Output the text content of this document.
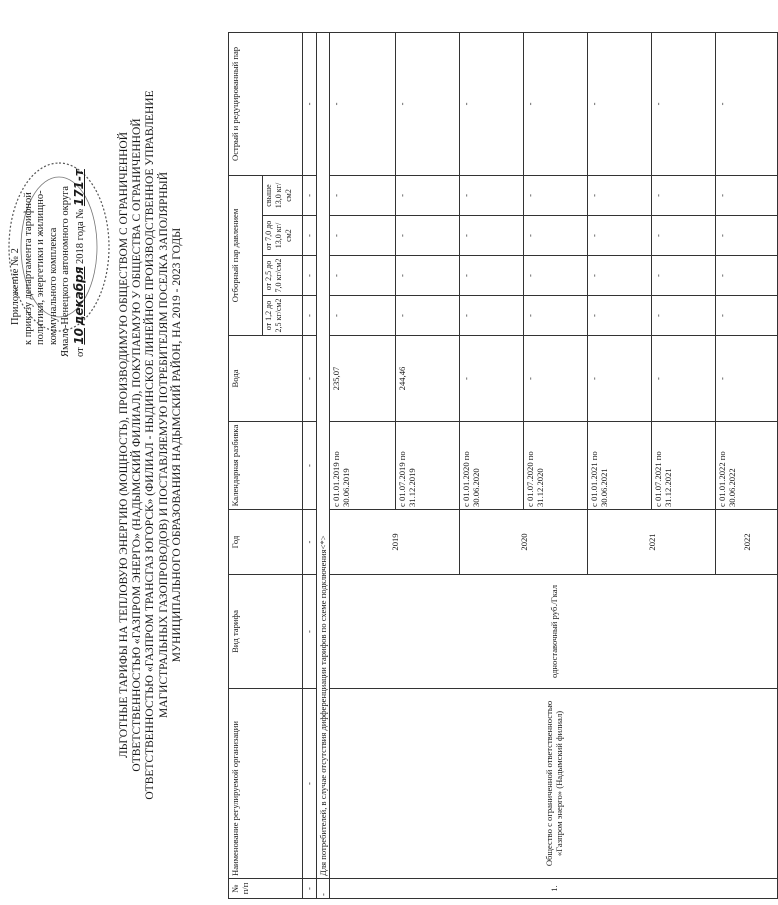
Приложение № 2 к приказу департамента тарифной политики, энергетики и жилищно- коммунального комплекса Ямало-Ненецкого автономного округа от 10 декабря 2018 года № 171-т	ЛЬГОТНЫЕ ТАРИФЫ НА ТЕПЛОВУЮ ЭНЕРГИЮ (МОЩНОСТЬ), ПРОИЗВОДИМУЮ ОБЩЕСТВОМ С ОГРАНИЧЕННОЙ ОТВЕТСТВЕННОСТЬЮ «ГАЗПРОМ ЭНЕРГО» (НАДЫМСКИЙ ФИЛИАЛ), ПОКУПАЕМУЮ У ОБЩЕСТВА С ОГРАНИЧЕННОЙ ОТВЕТСТВЕННОСТЬЮ «ГАЗПРОМ ТРАНСГАЗ ЮГОРСК» (ФИЛИАЛ - НЫДИНСКОЕ ЛИНЕЙНОЕ ПРОИЗВОДСТВЕННОЕ УПРАВЛЕНИЕ МАГИСТРАЛЬНЫХ ГАЗОПРОВОДОВ) И ПОСТАВЛЯЕМУЮ ПОТРЕБИТЕЛЯМ ПОСЕЛКА ЗАПОЛЯРНЫЙ МУНИЦИПАЛЬНОГО ОБРАЗОВАНИЯ НАДЫМСКИЙ РАЙОН, НА 2019 - 2023 ГОДЫ
№ п/п	Наименование регулируемой организации	Вид тарифа	Год	Календарная разбивка	Вода	Отборный пар давлением				Острый и редуцированный пар
						от 1,2 до 2,5 кг/см2	от 2,5 до 7,0 кг/см2	от 7,0 до 13,0 кг/см2	свыше 13,0 кг/см2	
-	-	-	-	-	-	-	-	-	-	-
-	Для потребителей, в случае отсутствия дифференциации тарифов по схеме подключения<*>									
1.	Общество с ограниченной ответственностью «Газпром энерго» (Надымский филиал)	одноставочный руб./Гкал	2019	с 01.01.2019 по 30.06.2019	235,07	-	-	-	-	-
				с 01.07.2019 по 31.12.2019	244,46	-	-	-	-	-
			2020	с 01.01.2020 по 30.06.2020	-	-	-	-	-	-
				с 01.07.2020 по 31.12.2020	-	-	-	-	-	-
			2021	с 01.01.2021 по 30.06.2021	-	-	-	-	-	-
				с 01.07.2021 по 31.12.2021	-	-	-	-	-	-
			2022	с 01.01.2022 по 30.06.2022	-	-	-	-	-	-
